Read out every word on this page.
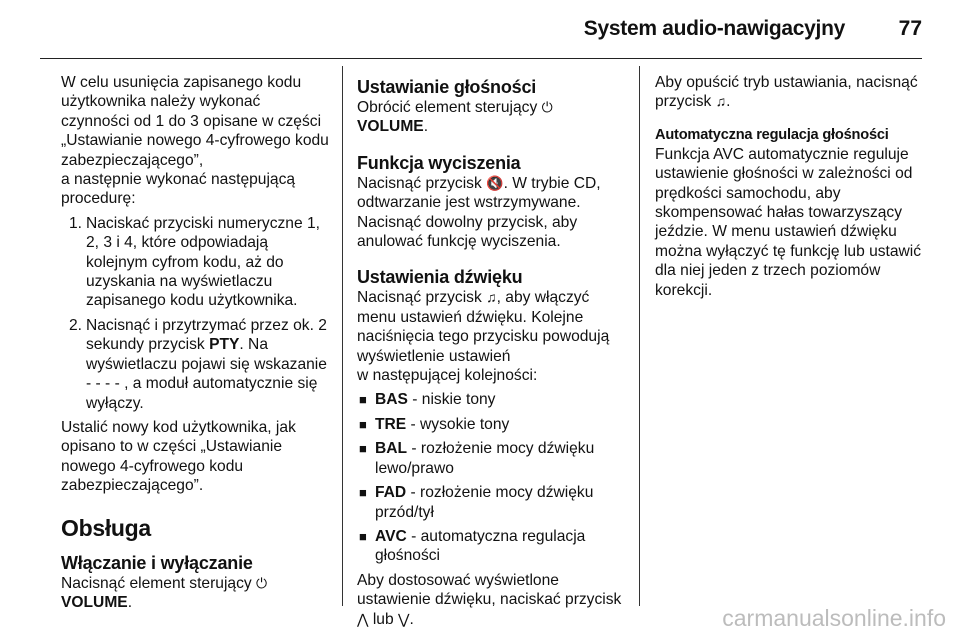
System audio-nawigacyjny	77

W celu usunięcia zapisanego kodu użytkownika należy wykonać czynności od 1 do 3 opisane w części „Ustawianie nowego 4-cyfrowego kodu zabezpieczającego”,

a następnie wykonać następującą procedurę:

1. Naciskać przyciski numeryczne 1, 2, 3 i 4, które odpowiadają kolejnym cyfrom kodu, aż do uzyskania na wyświetlaczu zapisanego kodu użytkownika.
2. Nacisnąć i przytrzymać przez ok. 2 sekundy przycisk PTY. Na wyświetlaczu pojawi się wskazanie - - - - , a moduł automatycznie się wyłączy.

Ustalić nowy kod użytkownika, jak opisano to w części „Ustawianie nowego 4-cyfrowego kodu zabezpieczającego”.

Obsługa
Włączanie i wyłączanie

Nacisnąć element sterujący ⏻
VOLUME.

Ustawianie głośności

Obrócić element sterujący ⏻
VOLUME.

Funkcja wyciszenia

Nacisnąć przycisk 🔇. W trybie CD, odtwarzanie jest wstrzymywane. Nacisnąć dowolny przycisk, aby anulować funkcję wyciszenia.

Ustawienia dźwięku

Nacisnąć przycisk ♫, aby włączyć menu ustawień dźwięku. Kolejne naciśnięcia tego przycisku powodują wyświetlenie ustawień
w następującej kolejności:

■ BAS - niskie tony
■ TRE - wysokie tony
■ BAL - rozłożenie mocy dźwięku lewo/prawo
■ FAD - rozłożenie mocy dźwięku przód/tył
■ AVC - automatyczna regulacja głośności

Aby dostosować wyświetlone ustawienie dźwięku, naciskać przycisk ⋀ lub ⋁.

Aby opuścić tryb ustawiania, nacisnąć przycisk ♫.

Automatyczna regulacja głośności

Funkcja AVC automatycznie reguluje ustawienie głośności w zależności od prędkości samochodu, aby skompensować hałas towarzyszący jeździe. W menu ustawień dźwięku można wyłączyć tę funkcję lub ustawić dla niej jeden z trzech poziomów korekcji.

carmanualsonline.info
